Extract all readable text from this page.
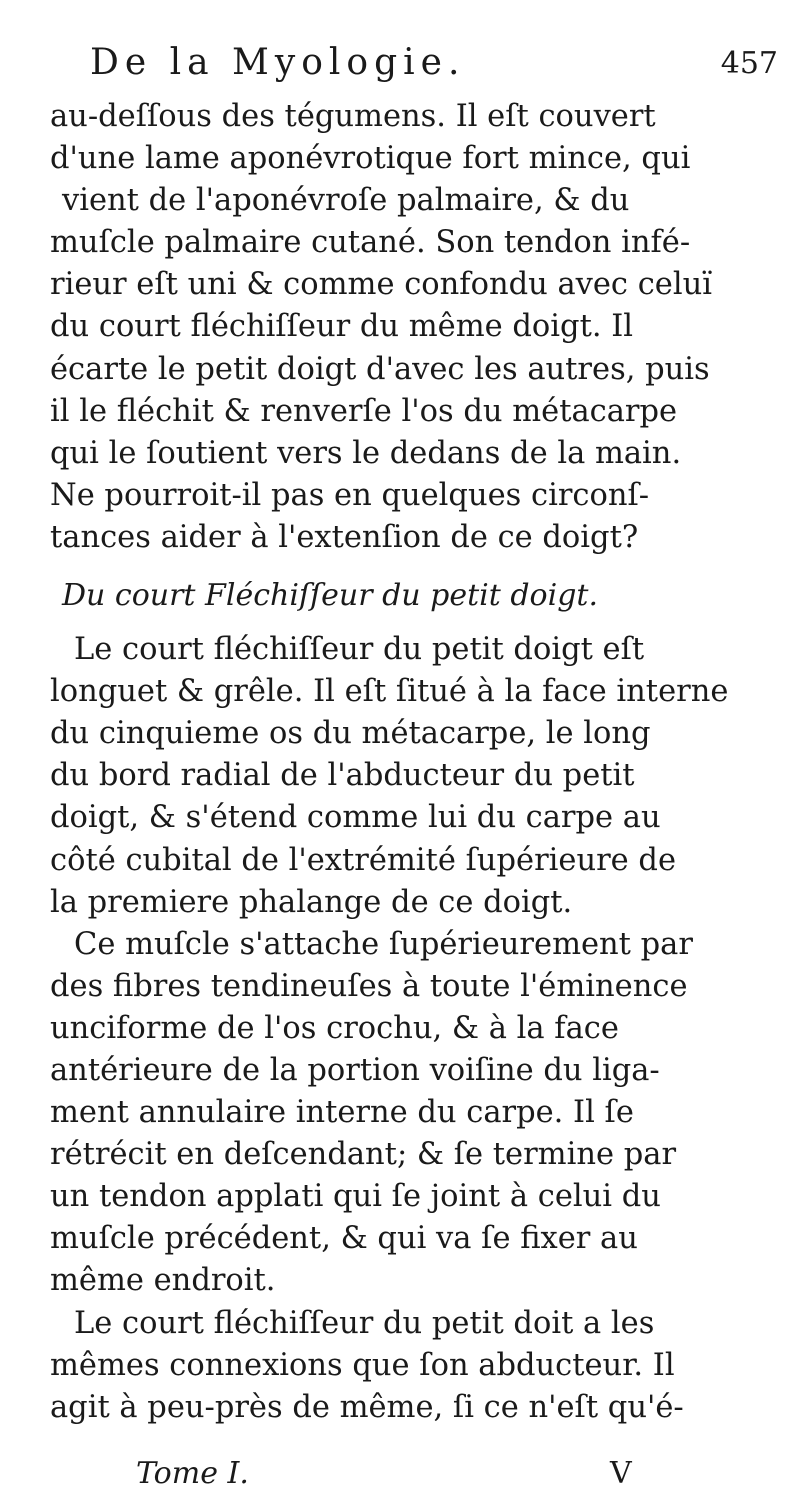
De la Myologie.	457
au-deſſous des tégumens. Il eſt couvert
d'une lame aponévrotique fort mince, qui
vient de l'aponévroſe palmaire, & du
muſcle palmaire cutané. Son tendon infé-
rieur eſt uni & comme confondu avec celuï
du court fléchiſſeur du même doigt. Il
écarte le petit doigt d'avec les autres, puis
il le fléchit & renverſe l'os du métacarpe
qui le ſoutient vers le dedans de la main.
Ne pourroit-il pas en quelques circonſ-
tances aider à l'extenſion de ce doigt?
Du court Fléchiſſeur du petit doigt.
Le court fléchiſſeur du petit doigt eſt
longuet & grêle. Il eſt ſitué à la face interne
du cinquieme os du métacarpe, le long
du bord radial de l'abducteur du petit
doigt, & s'étend comme lui du carpe au
côté cubital de l'extrémité ſupérieure de
la premiere phalange de ce doigt.
Ce muſcle s'attache ſupérieurement par
des fibres tendineuſes à toute l'éminence
unciforme de l'os crochu, & à la face
antérieure de la portion voiſine du liga-
ment annulaire interne du carpe. Il ſe
rétrécit en deſcendant; & ſe termine par
un tendon applati qui ſe joint à celui du
muſcle précédent, & qui va ſe fixer au
même endroit.
Le court fléchiſſeur du petit doit a les
mêmes connexions que ſon abducteur. Il
agit à peu-près de même, ſi ce n'eſt qu'é-
Tome I.	V
